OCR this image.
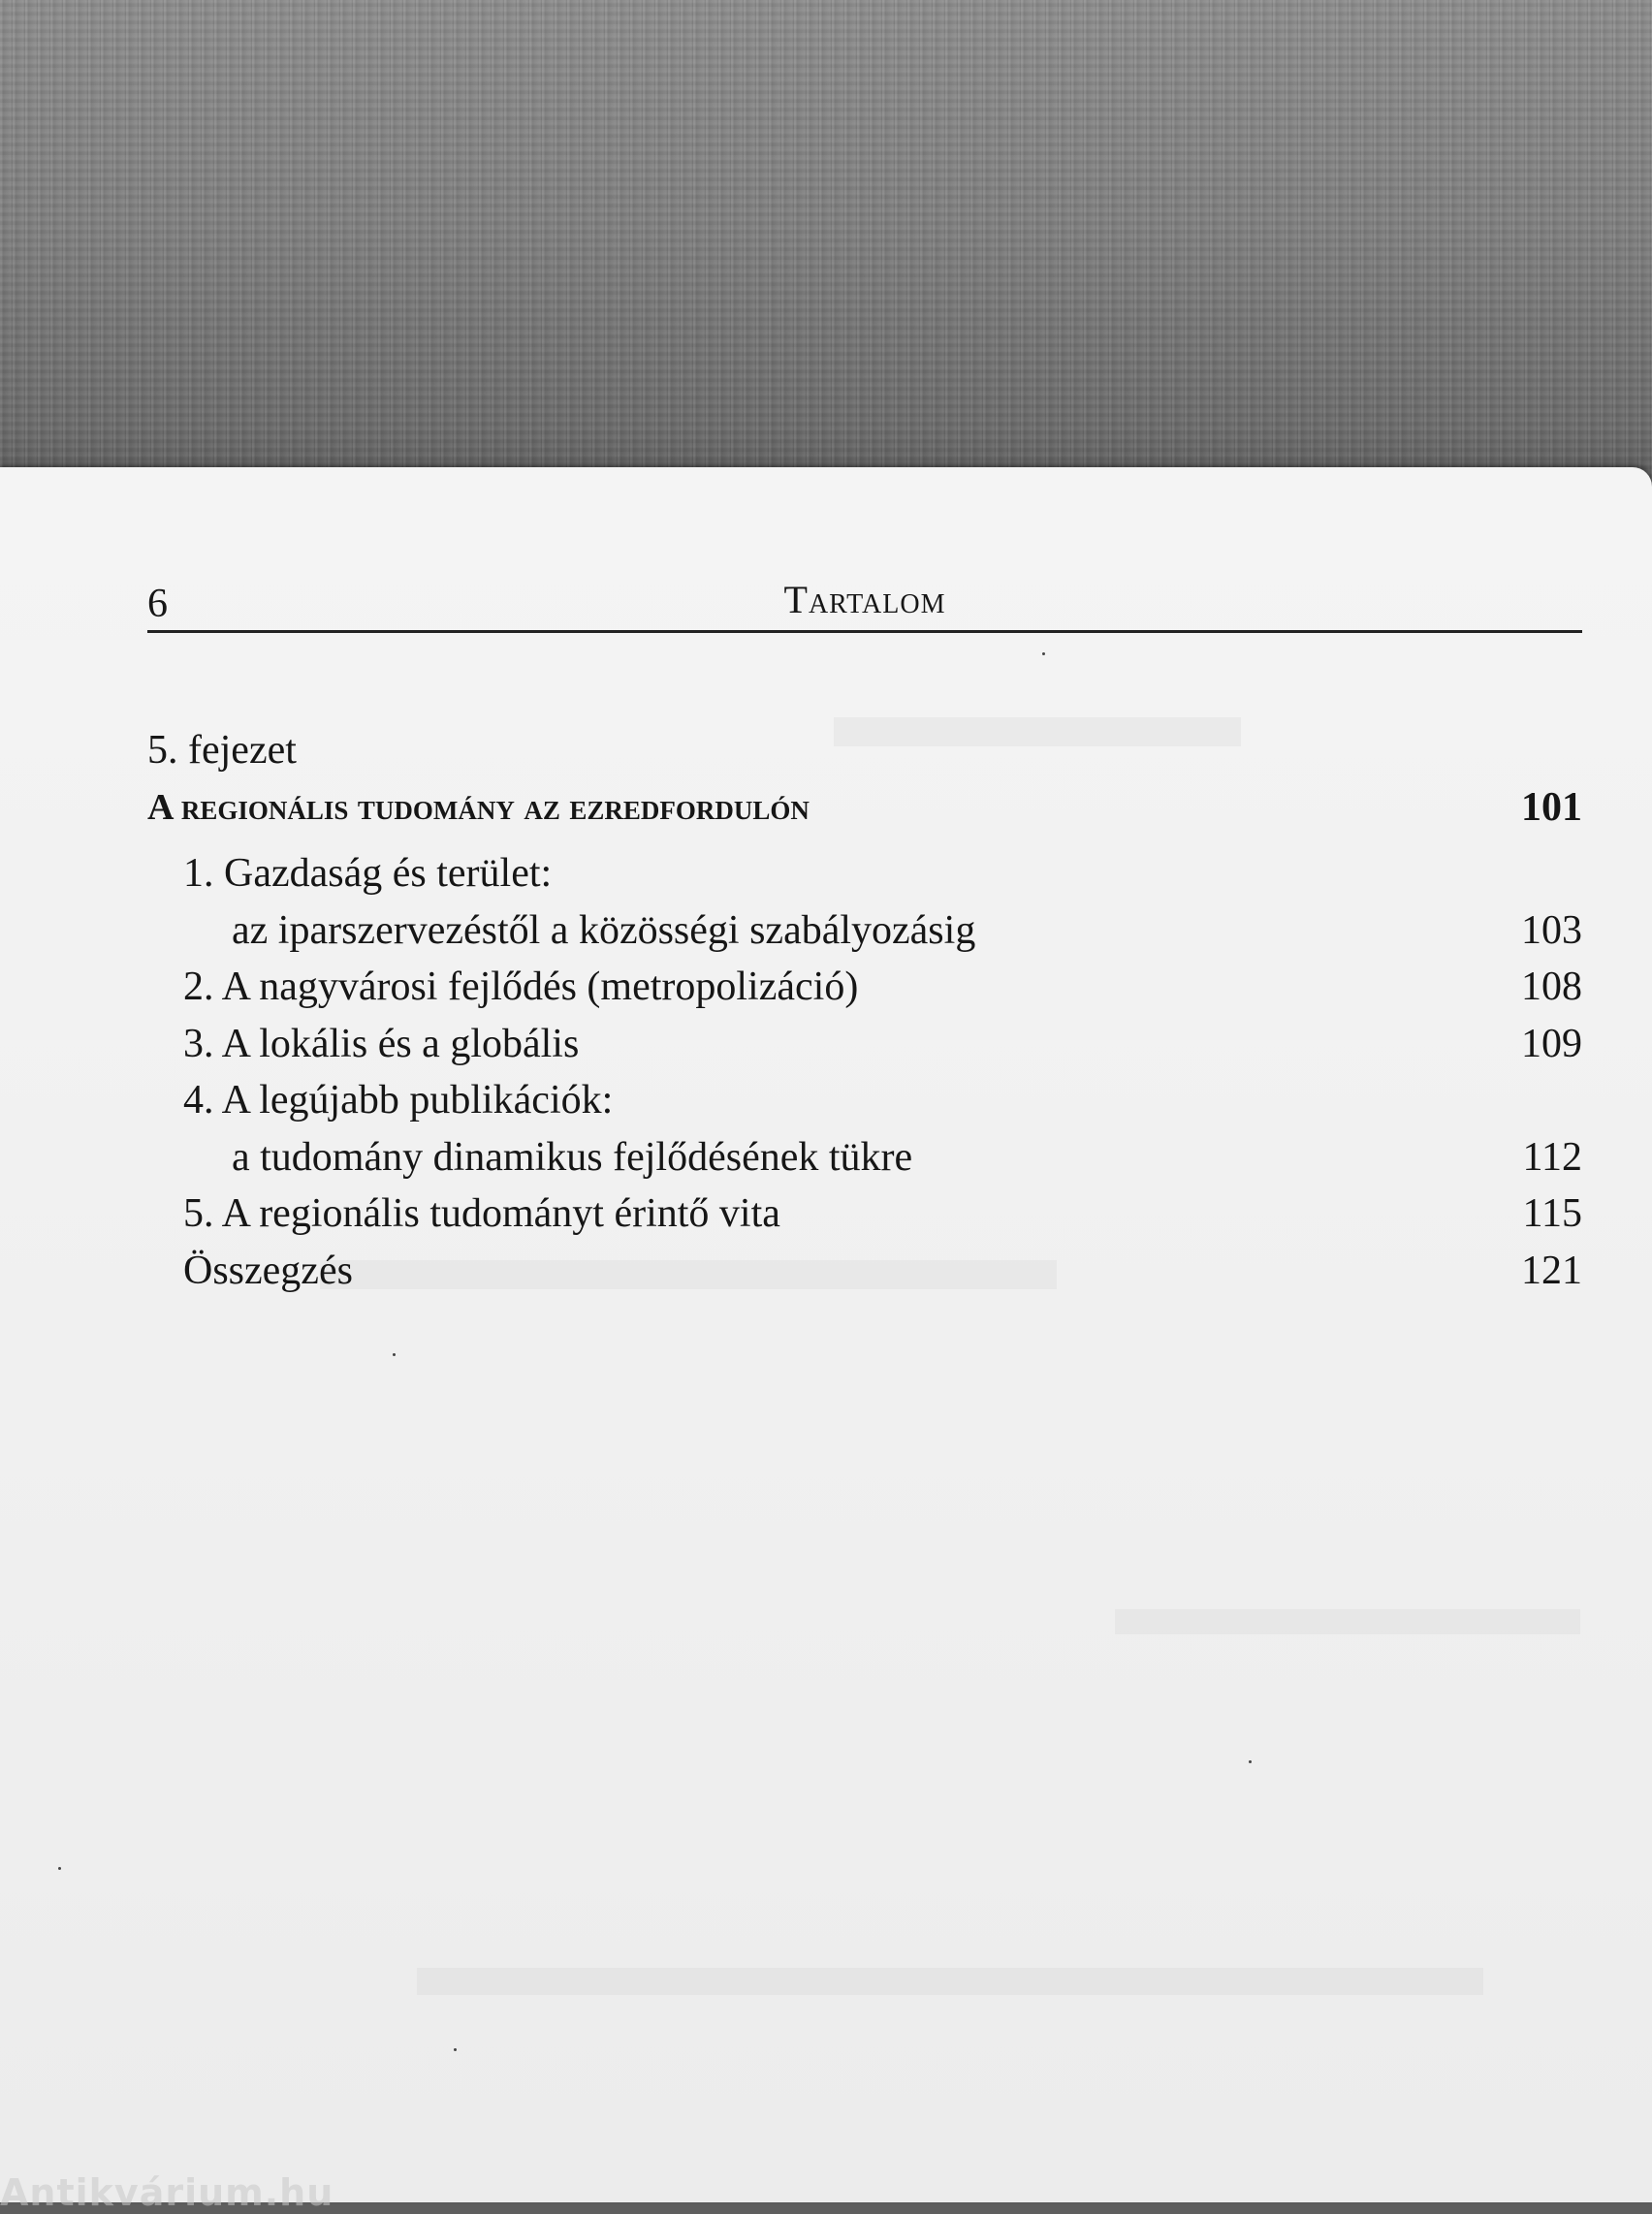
6	Tartalom
5. fejezet
A regionális tudomány az ezredfordulón	101
1. Gazdaság és terület:
az iparszervezéstől a közösségi szabályozásig	103
2. A nagyvárosi fejlődés (metropolizáció)	108
3. A lokális és a globális	109
4. A legújabb publikációk:
a tudomány dinamikus fejlődésének tükre	112
5. A regionális tudományt érintő vita	115
Összegzés	121
Antikvárium.hu
